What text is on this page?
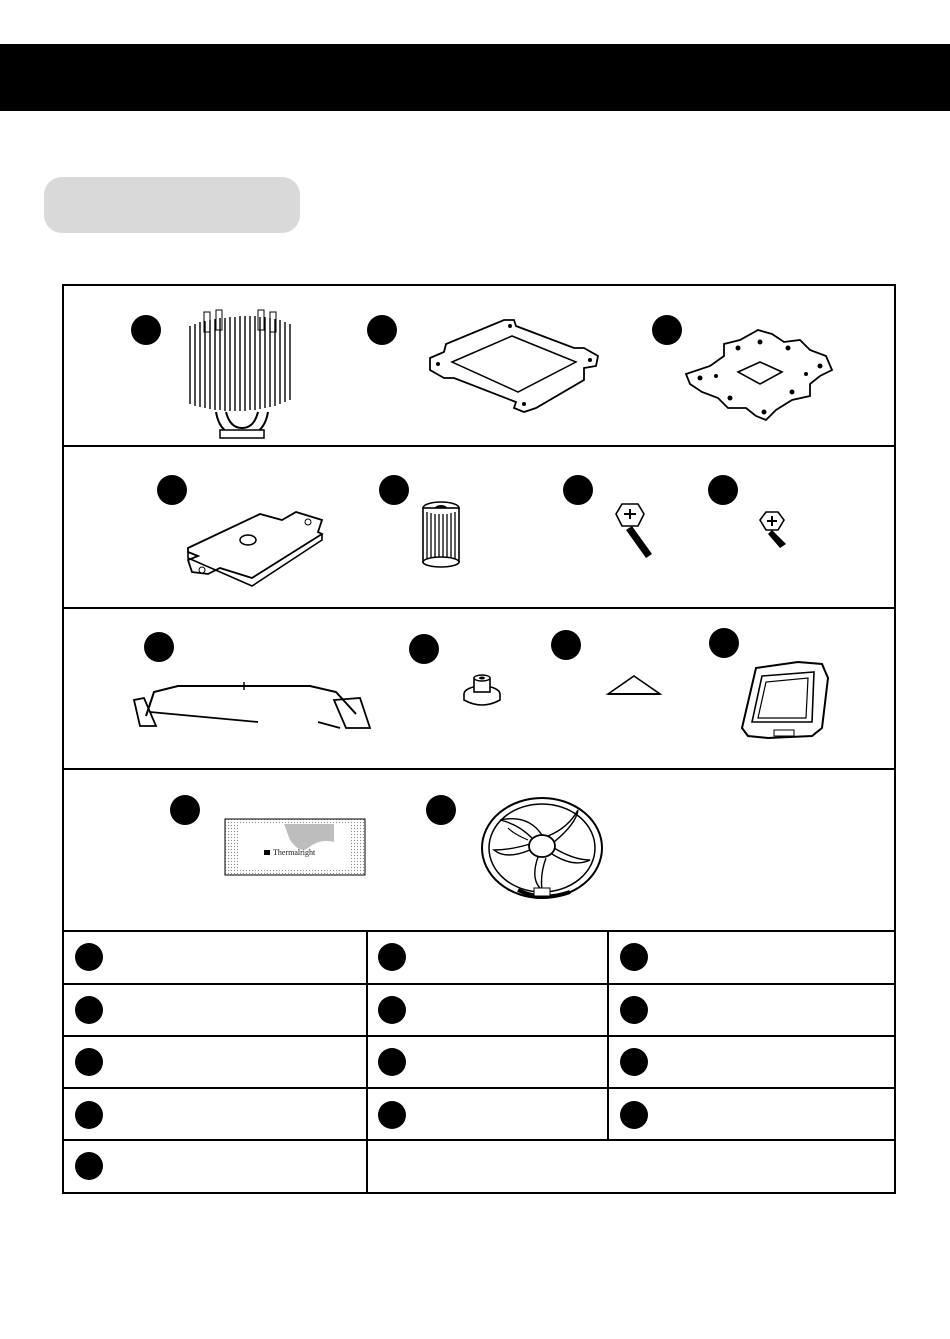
Thermalright
